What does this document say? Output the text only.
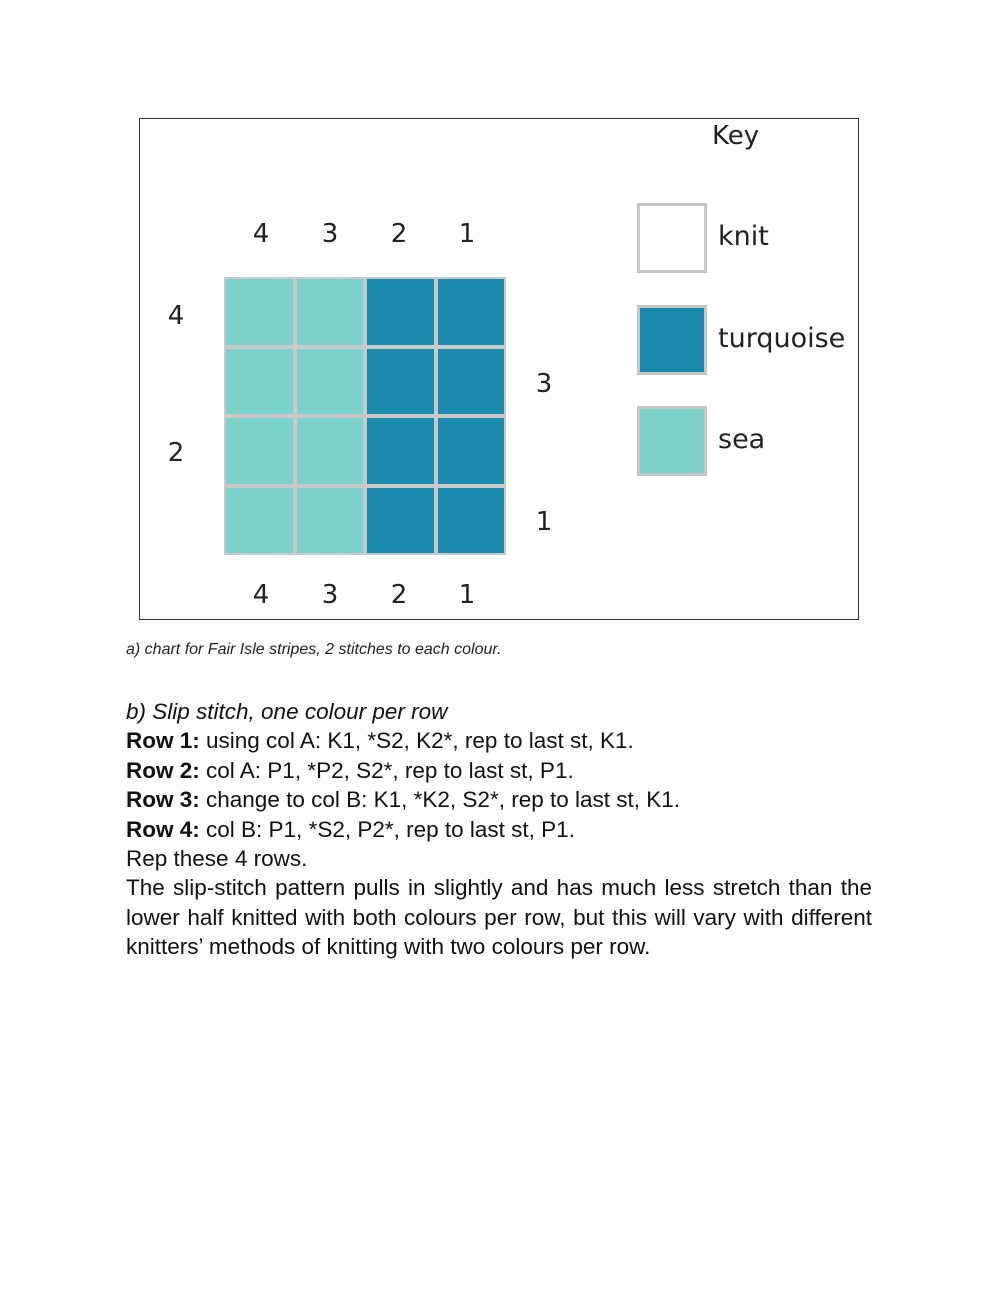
Key
4 3 2 1
4
2
3
1
4 3 2 1
knit
turquoise
sea
a) chart for Fair Isle stripes, 2 stitches to each colour.
b) Slip stitch, one colour per row
Row 1: using col A: K1, *S2, K2*, rep to last st, K1.
Row 2: col A: P1, *P2, S2*, rep to last st, P1.
Row 3: change to col B: K1, *K2, S2*, rep to last st, K1.
Row 4: col B: P1, *S2, P2*, rep to last st, P1.
Rep these 4 rows.
The slip-stitch pattern pulls in slightly and has much less stretch than the lower half knitted with both colours per row, but this will vary with different knitters’ methods of knitting with two colours per row.
